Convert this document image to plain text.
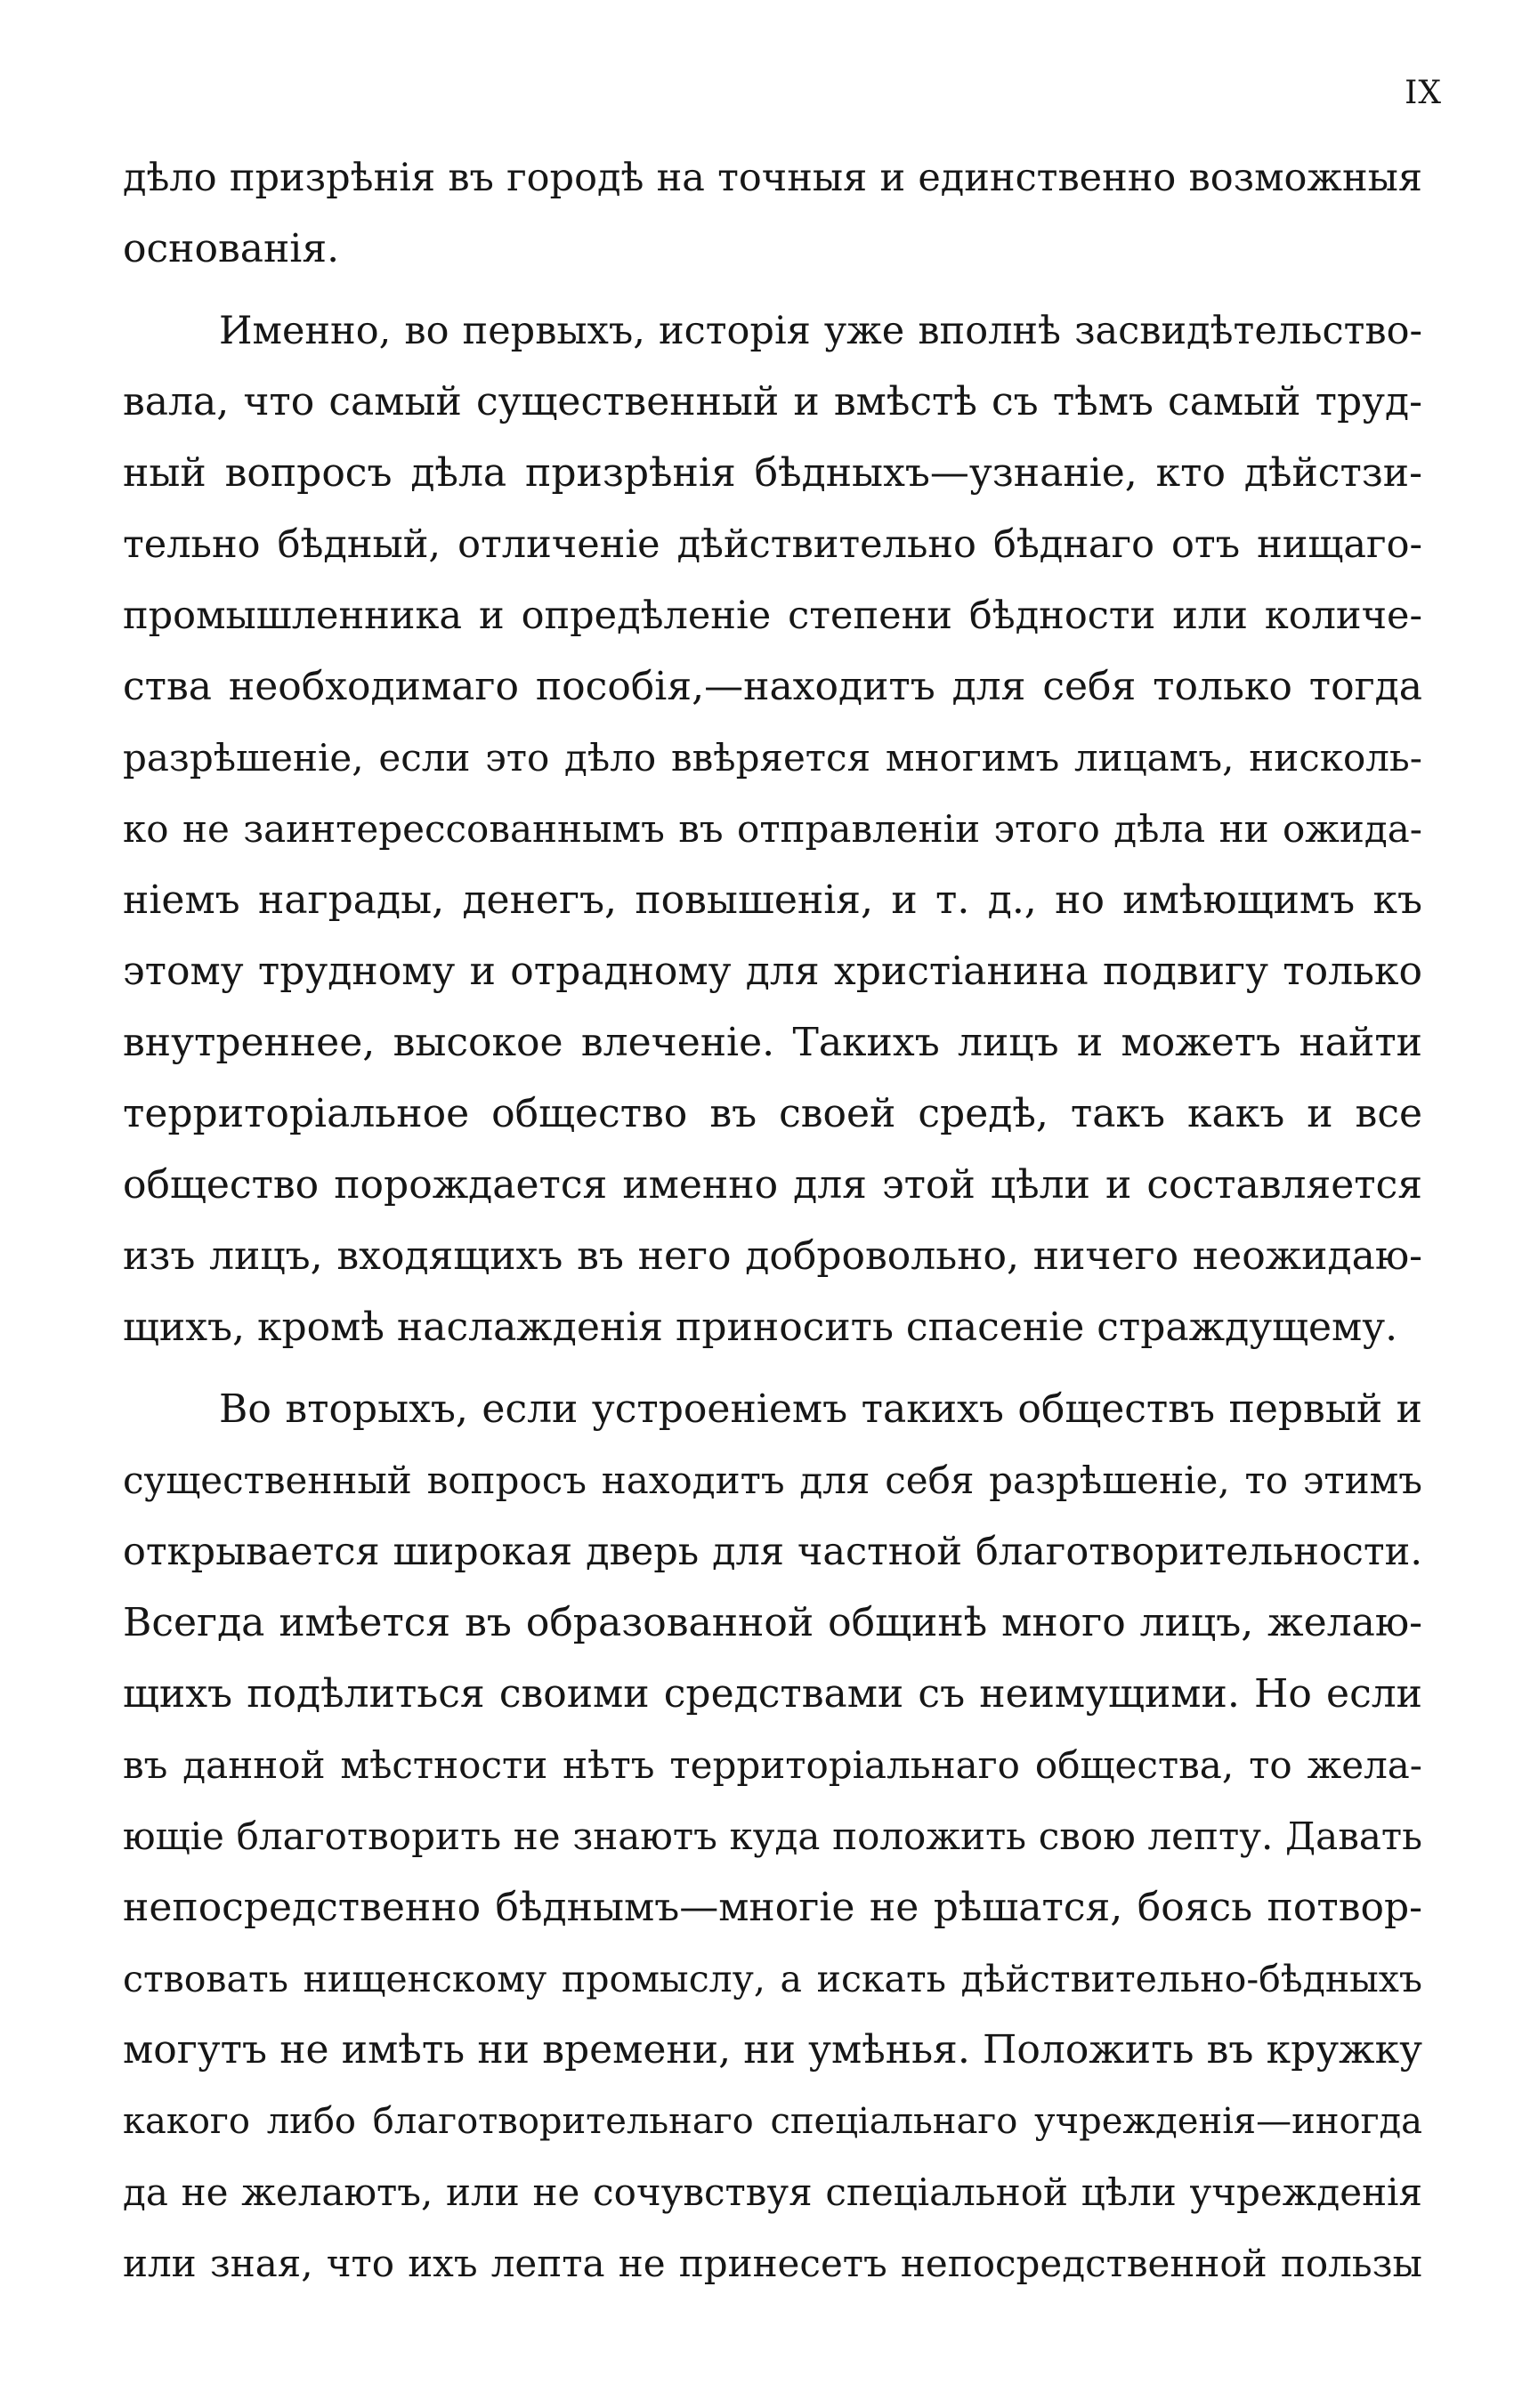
IX
дѣло призрѣнія въ городѣ на точныя и единственно возможныя
основанія.
Именно, во первыхъ, исторія уже вполнѣ засвидѣтельство-
вала, что самый существенный и вмѣстѣ съ тѣмъ самый труд-
ный вопросъ дѣла призрѣнія бѣдныхъ—узнаніе, кто дѣйстзи-
тельно бѣдный, отличеніе дѣйствительно бѣднаго отъ нищаго-
промышленника и опредѣленіе степени бѣдности или количе-
ства необходимаго пособія,—находитъ для себя только тогда
разрѣшеніе, если это дѣло ввѣряется многимъ лицамъ, нисколь-
ко не заинтерессованнымъ въ отправленіи этого дѣла ни ожида-
ніемъ награды, денегъ, повышенія, и т. д., но имѣющимъ къ
этому трудному и отрадному для христіанина подвигу только
внутреннее, высокое влеченіе. Такихъ лицъ и можетъ найти
территоріальное общество въ своей средѣ, такъ какъ и все
общество порождается именно для этой цѣли и составляется
изъ лицъ, входящихъ въ него добровольно, ничего неожидаю-
щихъ, кромѣ наслажденія приносить спасеніе страждущему.
Во вторыхъ, если устроеніемъ такихъ обществъ первый и
существенный вопросъ находитъ для себя разрѣшеніе, то этимъ
открывается широкая дверь для частной благотворительности.
Всегда имѣется въ образованной общинѣ много лицъ, желаю-
щихъ подѣлиться своими средствами съ неимущими. Но если
въ данной мѣстности нѣтъ территоріальнаго общества, то жела-
ющіе благотворить не знаютъ куда положить свою лепту. Давать
непосредственно бѣднымъ—многіе не рѣшатся, боясь потвор-
ствовать нищенскому промыслу, а искать дѣйствительно-бѣдныхъ
могутъ не имѣть ни времени, ни умѣнья. Положить въ кружку
какого либо благотворительнаго спеціальнаго учрежденія—иногда
да не желаютъ, или не сочувствуя спеціальной цѣли учрежденія
или зная, что ихъ лепта не принесетъ непосредственной пользы
